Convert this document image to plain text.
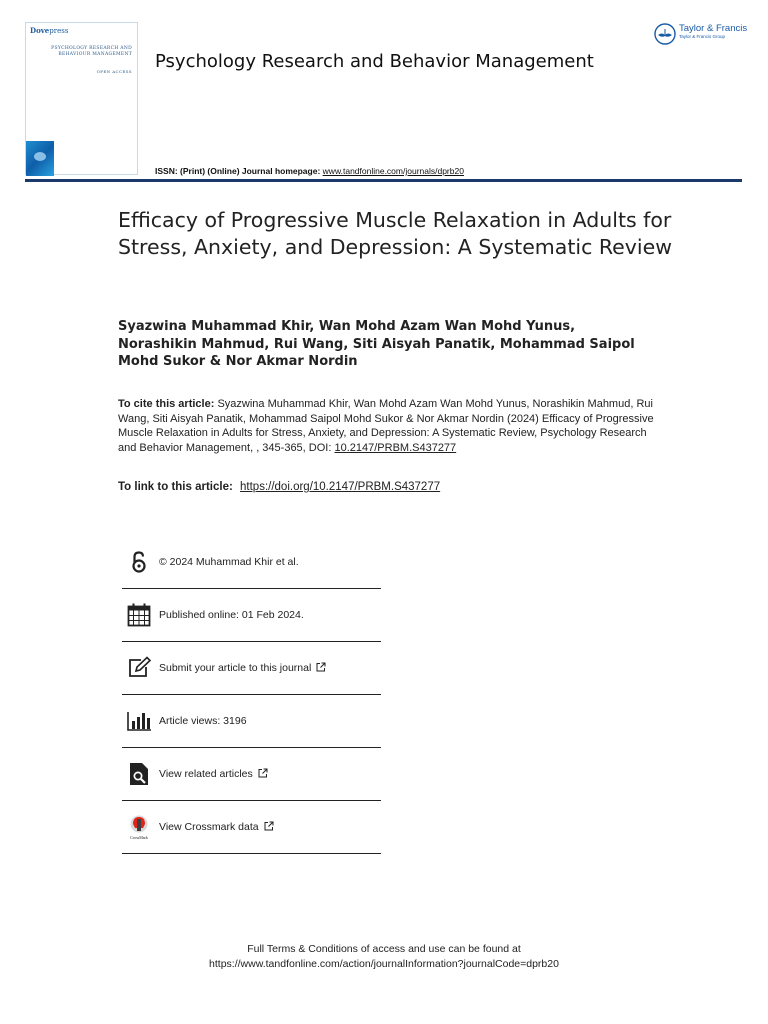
Dovepress
PSYCHOLOGY RESEARCH AND
BEHAVIOUR MANAGEMENT
OPEN ACCESS Psychology Research and Behavior Management
Taylor & Francis
Taylor & Francis Group
ISSN: (Print) (Online) Journal homepage: www.tandfonline.com/journals/dprb20
Efficacy of Progressive Muscle Relaxation in Adults for Stress, Anxiety, and Depression: A Systematic Review
Syazwina Muhammad Khir, Wan Mohd Azam Wan Mohd Yunus, Norashikin Mahmud, Rui Wang, Siti Aisyah Panatik, Mohammad Saipol Mohd Sukor & Nor Akmar Nordin
To cite this article: Syazwina Muhammad Khir, Wan Mohd Azam Wan Mohd Yunus, Norashikin Mahmud, Rui Wang, Siti Aisyah Panatik, Mohammad Saipol Mohd Sukor & Nor Akmar Nordin (2024) Efficacy of Progressive Muscle Relaxation in Adults for Stress, Anxiety, and Depression: A Systematic Review, Psychology Research and Behavior Management, , 345-365, DOI: 10.2147/PRBM.S437277
To link to this article: https://doi.org/10.2147/PRBM.S437277
© 2024 Muhammad Khir et al.
Published online: 01 Feb 2024.
Submit your article to this journal
Article views: 3196
View related articles
CrossMark
View Crossmark data
Full Terms & Conditions of access and use can be found at
https://www.tandfonline.com/action/journalInformation?journalCode=dprb20
